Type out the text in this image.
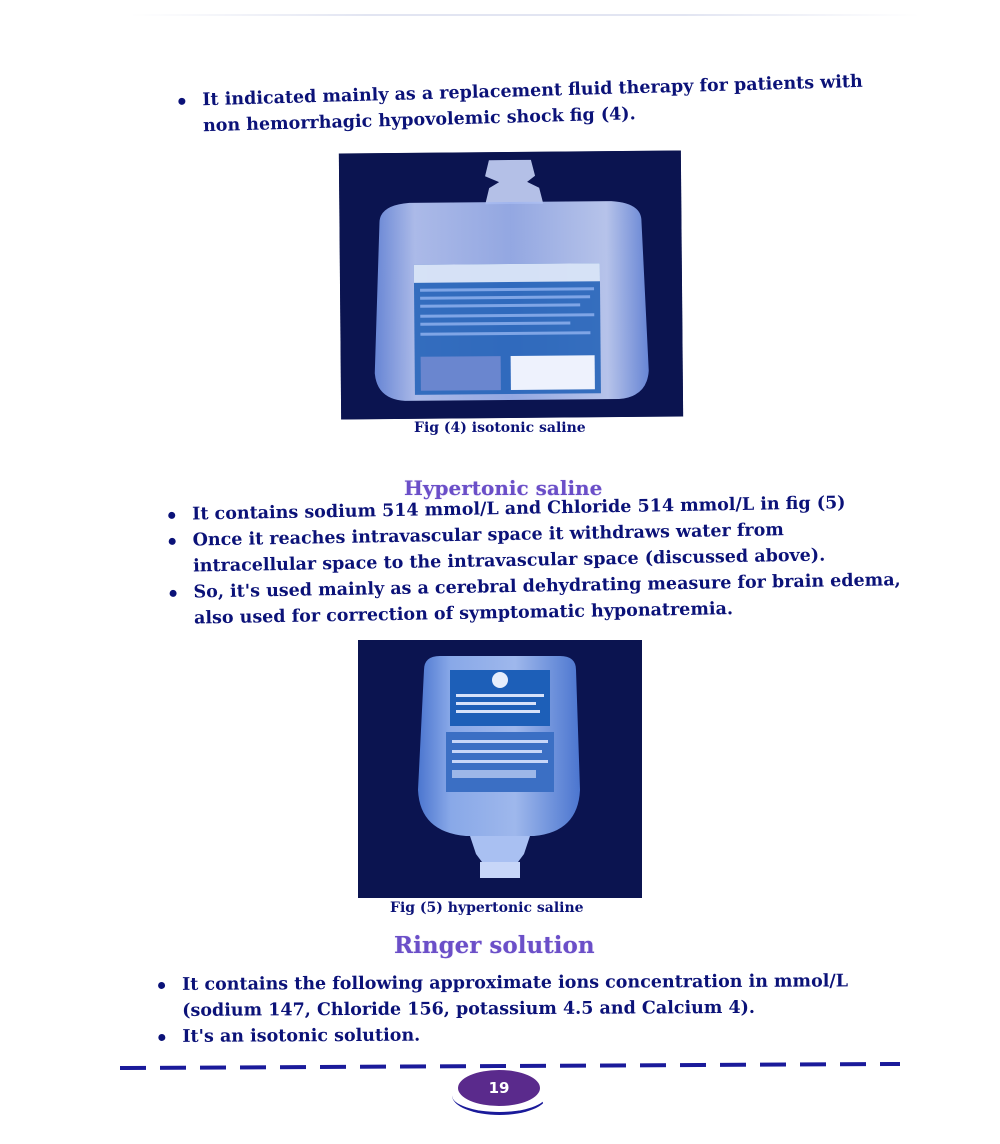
It indicated mainly as a replacement fluid therapy for patients with non hemorrhagic hypovolemic shock fig (4).
Fig (4) isotonic saline
Hypertonic saline
It contains sodium 514 mmol/L and Chloride 514 mmol/L in fig (5)
Once it reaches intravascular space it withdraws water from intracellular space to the intravascular space (discussed above).
So, it's used mainly as a cerebral dehydrating measure for brain edema, also used for correction of symptomatic hyponatremia.
Fig (5) hypertonic saline
Ringer solution
It contains the following approximate ions concentration in mmol/L (sodium 147, Chloride 156, potassium 4.5 and Calcium 4).
It's an isotonic solution.
19
